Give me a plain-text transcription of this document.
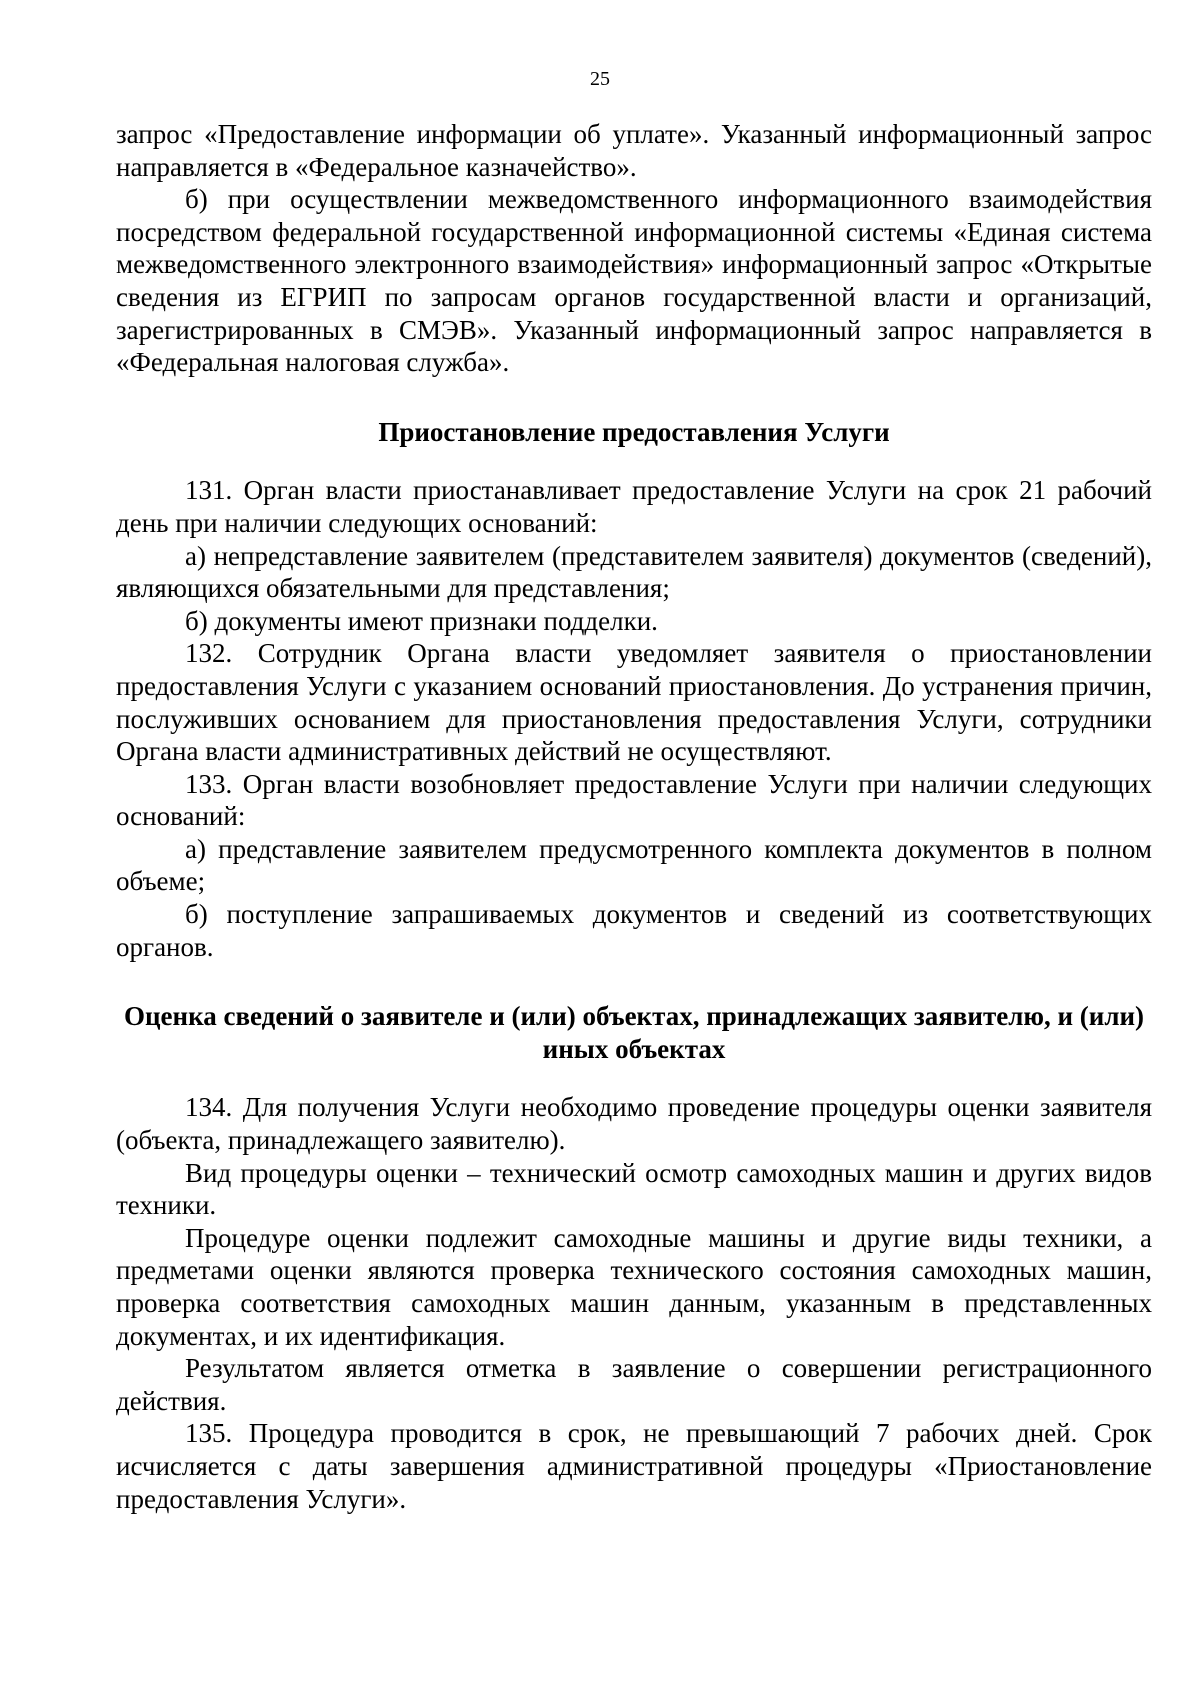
25

запрос «Предоставление информации об уплате». Указанный информационный запрос направляется в «Федеральное казначейство».

б) при осуществлении межведомственного информационного взаимодействия посредством федеральной государственной информационной системы «Единая система межведомственного электронного взаимодействия» информационный запрос «Открытые сведения из ЕГРИП по запросам органов государственной власти и организаций, зарегистрированных в СМЭВ». Указанный информационный запрос направляется в «Федеральная налоговая служба».

Приостановление предоставления Услуги

131. Орган власти приостанавливает предоставление Услуги на срок 21 рабочий день при наличии следующих оснований:

а) непредставление заявителем (представителем заявителя) документов (сведений), являющихся обязательными для представления;

б) документы имеют признаки подделки.

132. Сотрудник Органа власти уведомляет заявителя о приостановлении предоставления Услуги с указанием оснований приостановления. До устранения причин, послуживших основанием для приостановления предоставления Услуги, сотрудники Органа власти административных действий не осуществляют.

133. Орган власти возобновляет предоставление Услуги при наличии следующих оснований:

а) представление заявителем предусмотренного комплекта документов в полном объеме;

б) поступление запрашиваемых документов и сведений из соответствующих органов.

Оценка сведений о заявителе и (или) объектах, принадлежащих заявителю, и (или) иных объектах

134. Для получения Услуги необходимо проведение процедуры оценки заявителя (объекта, принадлежащего заявителю).

Вид процедуры оценки – технический осмотр самоходных машин и других видов техники.

Процедуре оценки подлежит самоходные машины и другие виды техники, а предметами оценки являются проверка технического состояния самоходных машин, проверка соответствия самоходных машин данным, указанным в представленных документах, и их идентификация.

Результатом является отметка в заявление о совершении регистрационного действия.

135. Процедура проводится в срок, не превышающий 7 рабочих дней. Срок исчисляется с даты завершения административной процедуры «Приостановление предоставления Услуги».
